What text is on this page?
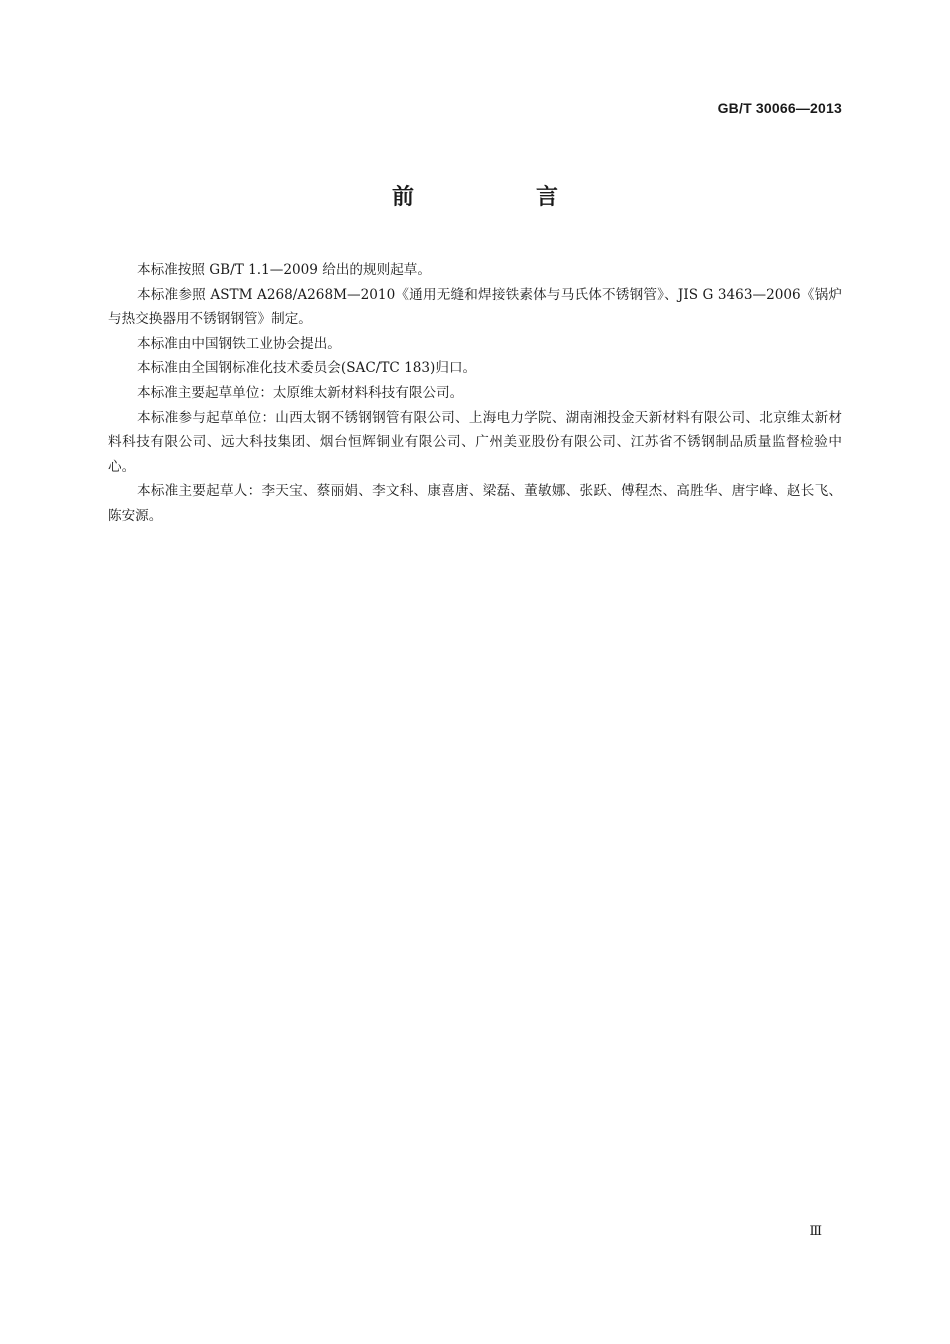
GB/T 30066—2013
前　言

本标准按照 GB/T 1.1—2009 给出的规则起草。

本标准参照 ASTM A268/A268M—2010《通用无缝和焊接铁素体与马氏体不锈钢管》、JIS G 3463—2006《锅炉与热交换器用不锈钢钢管》制定。

本标准由中国钢铁工业协会提出。

本标准由全国钢标准化技术委员会(SAC/TC 183)归口。

本标准主要起草单位：太原维太新材料科技有限公司。

本标准参与起草单位：山西太钢不锈钢钢管有限公司、上海电力学院、湖南湘投金天新材料有限公司、北京维太新材料科技有限公司、远大科技集团、烟台恒辉铜业有限公司、广州美亚股份有限公司、江苏省不锈钢制品质量监督检验中心。

本标准主要起草人：李天宝、蔡丽娟、李文科、康喜唐、梁磊、董敏娜、张跃、傅程杰、高胜华、唐宇峰、赵长飞、陈安源。

Ⅲ
